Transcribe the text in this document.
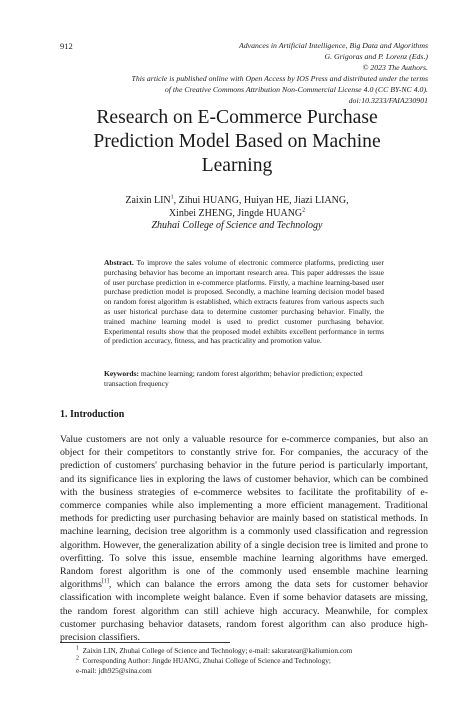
912	Advances in Artificial Intelligence, Big Data and Algorithms
G. Grigoras and P. Lorenz (Eds.)
© 2023 The Authors.
This article is published online with Open Access by IOS Press and distributed under the terms
of the Creative Commons Attribution Non-Commercial License 4.0 (CC BY-NC 4.0).
doi:10.3233/FAIA230901
Research on E-Commerce Purchase
Prediction Model Based on Machine
Learning
Zaixin LIN$^1$, Zihui HUANG, Huiyan HE, Jiazi LIANG,
Xinbei ZHENG, Jingde HUANG$^2$
Zhuhai College of Science and Technology
Abstract. To improve the sales volume of electronic commerce platforms, predicting user purchasing behavior has become an important research area. This paper addresses the issue of user purchase prediction in e-commerce platforms. Firstly, a machine learning-based user purchase prediction model is proposed. Secondly, a machine learning decision model based on random forest algorithm is established, which extracts features from various aspects such as user historical purchase data to determine customer purchasing behavior. Finally, the trained machine learning model is used to predict customer purchasing behavior. Experimental results show that the proposed model exhibits excellent performance in terms of prediction accuracy, fitness, and has practicality and promotion value.
Keywords: machine learning; random forest algorithm; behavior prediction; expected transaction frequency
1. Introduction
Value customers are not only a valuable resource for e-commerce companies, but also an object for their competitors to constantly strive for. For companies, the accuracy of the prediction of customers' purchasing behavior in the future period is particularly important, and its significance lies in exploring the laws of customer behavior, which can be combined with the business strategies of e-commerce websites to facilitate the profitability of e-commerce companies while also implementing a more efficient management. Traditional methods for predicting user purchasing behavior are mainly based on statistical methods. In machine learning, decision tree algorithm is a commonly used classification and regression algorithm. However, the generalization ability of a single decision tree is limited and prone to overfitting. To solve this issue, ensemble machine learning algorithms have emerged. Random forest algorithm is one of the commonly used ensemble machine learning algorithms[1], which can balance the errors among the data sets for customer behavior classification with incomplete weight balance. Even if some behavior datasets are missing, the random forest algorithm can still achieve high accuracy. Meanwhile, for complex customer purchasing behavior datasets, random forest algorithm can also produce high-precision classifiers.
$^1$ Zaixin LIN, Zhuhai College of Science and Technology; e-mail: sakuratear@kaliumion.com
$^2$ Corresponding Author: Jingde HUANG, Zhuhai College of Science and Technology;
e-mail: jdh925@sina.com
